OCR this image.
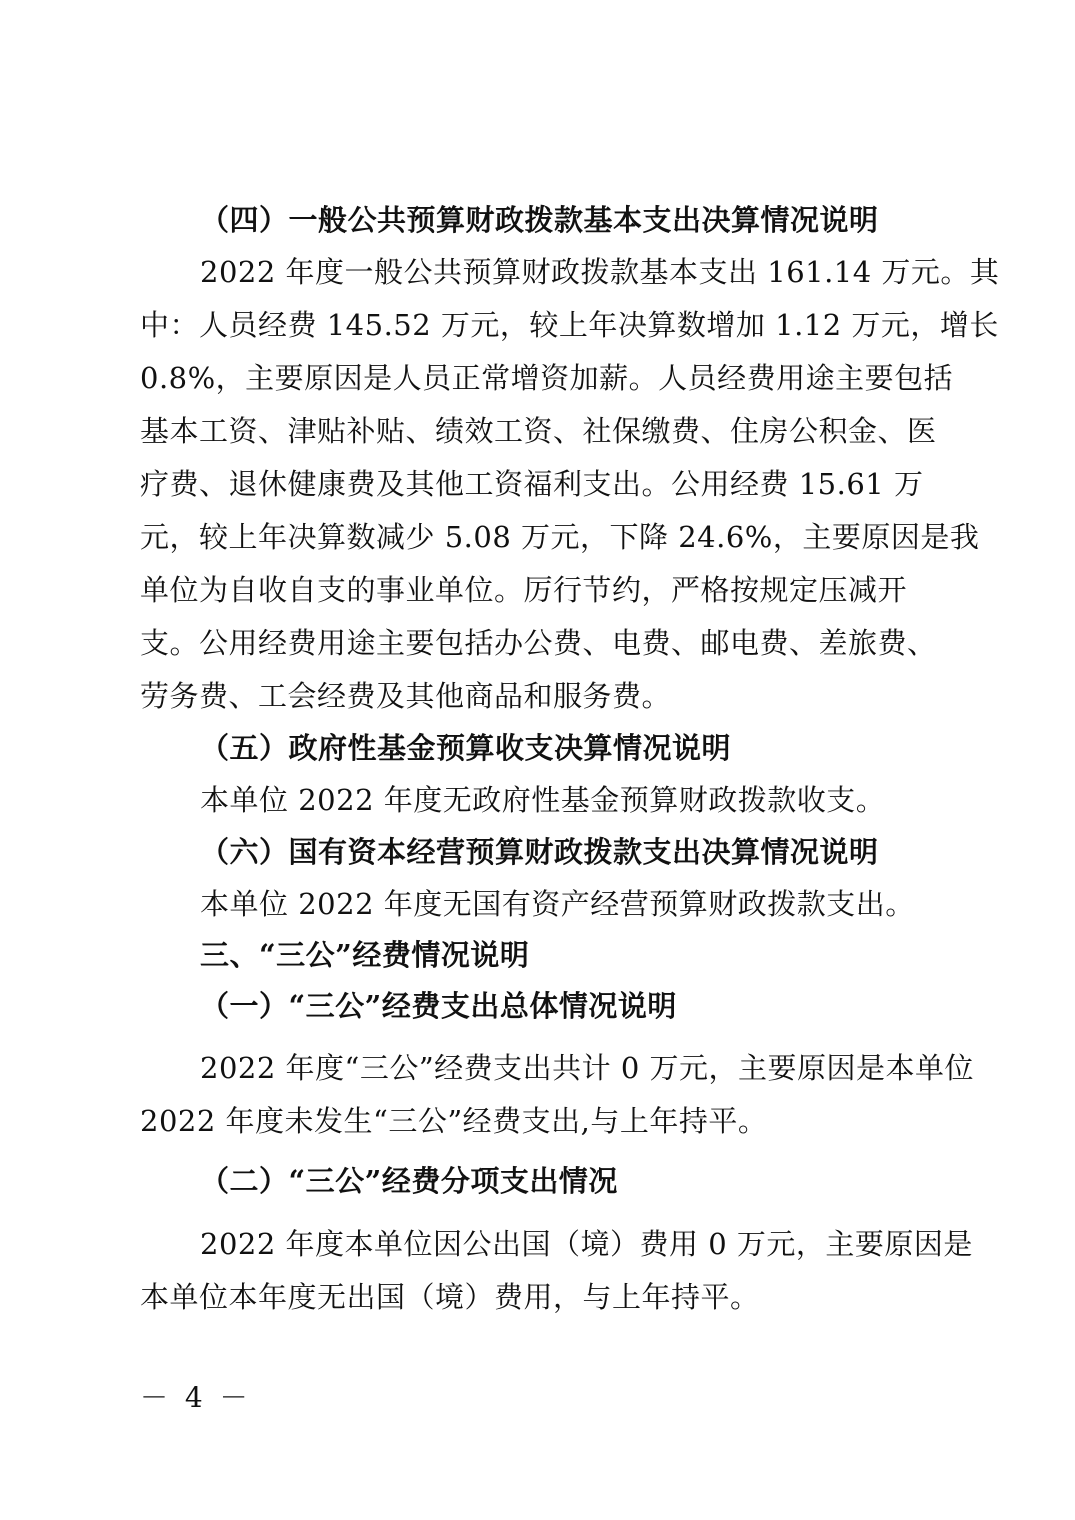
（四）一般公共预算财政拨款基本支出决算情况说明
2022 年度一般公共预算财政拨款基本支出 161.14 万元。其
中：人员经费 145.52 万元，较上年决算数增加 1.12 万元，增长
0.8%，主要原因是人员正常增资加薪。人员经费用途主要包括
基本工资、津贴补贴、绩效工资、社保缴费、住房公积金、医
疗费、退休健康费及其他工资福利支出。公用经费 15.61 万
元，较上年决算数减少 5.08 万元，下降 24.6%，主要原因是我
单位为自收自支的事业单位。厉行节约，严格按规定压减开
支。公用经费用途主要包括办公费、电费、邮电费、差旅费、
劳务费、工会经费及其他商品和服务费。
（五）政府性基金预算收支决算情况说明
本单位 2022 年度无政府性基金预算财政拨款收支。
（六）国有资本经营预算财政拨款支出决算情况说明
本单位 2022 年度无国有资产经营预算财政拨款支出。
三、“三公”经费情况说明
（一）“三公”经费支出总体情况说明
2022 年度“三公”经费支出共计 0 万元，主要原因是本单位
2022 年度未发生“三公”经费支出,与上年持平。
（二）“三公”经费分项支出情况
2022 年度本单位因公出国（境）费用 0 万元，主要原因是
本单位本年度无出国（境）费用，与上年持平。
－ 4 －
